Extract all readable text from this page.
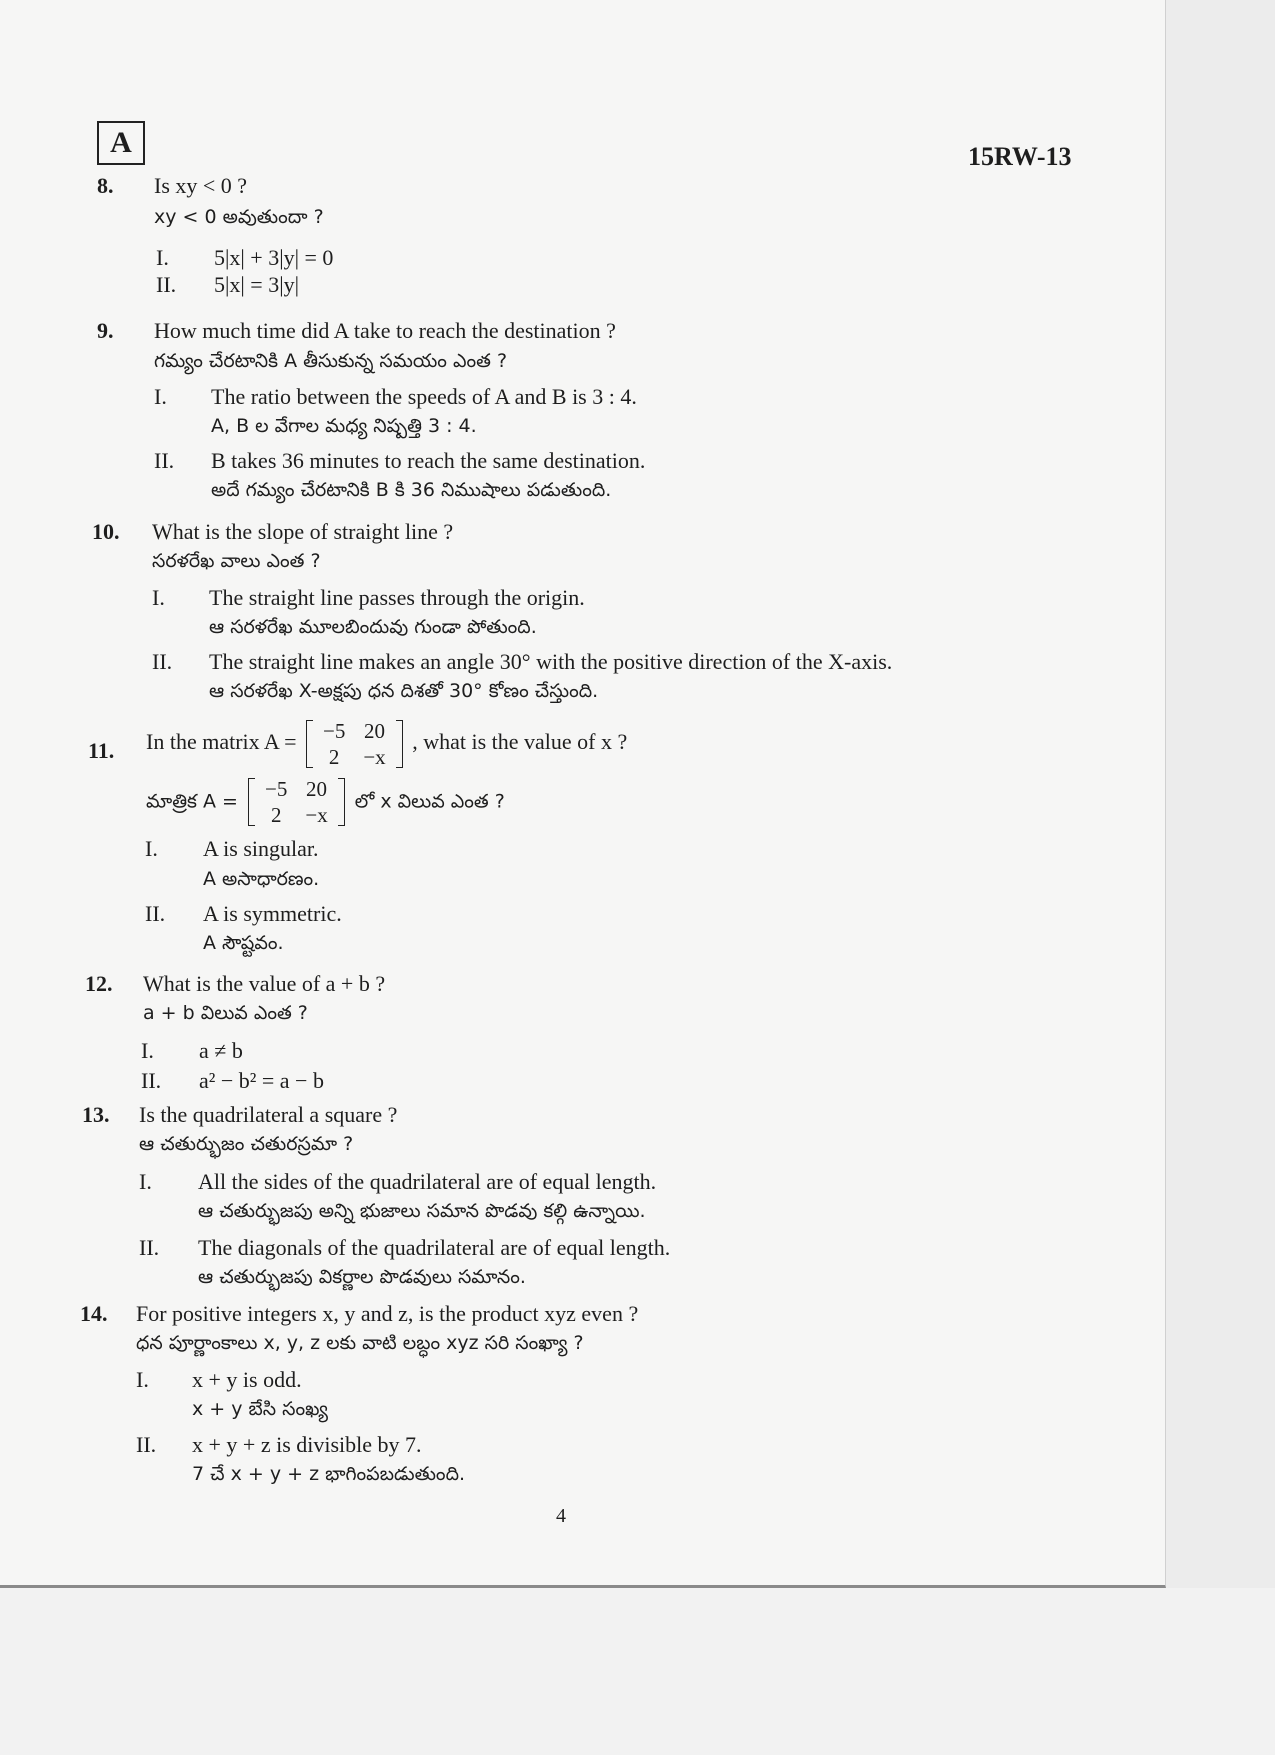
A	15RW-13
8. Is xy < 0 ?
xy < 0 అవుతుందా ?
I. 5|x| + 3|y| = 0
II. 5|x| = 3|y|
9. How much time did A take to reach the destination ?
గమ్యం చేరటానికి A తీసుకున్న సమయం ఎంత ?
I. The ratio between the speeds of A and B is 3 : 4.
A, B ల వేగాల మధ్య నిష్పత్తి 3 : 4.
II. B takes 36 minutes to reach the same destination.
అదే గమ్యం చేరటానికి B కి 36 నిముషాలు పడుతుంది.
10. What is the slope of straight line ?
సరళరేఖ వాలు ఎంత ?
I. The straight line passes through the origin.
ఆ సరళరేఖ మూలబిందువు గుండా పోతుంది.
II. The straight line makes an angle 30° with the positive direction of the X-axis.
ఆ సరళరేఖ X-అక్షపు ధన దిశతో 30° కోణం చేస్తుంది.
11. In the matrix A = −5	20
2	−x
, what is the value of x ?
మాత్రిక A =
−5	20
2	−x
లో x విలువ ఎంత ?
I. A is singular.
A అసాధారణం.
II. A is symmetric.
A సౌష్టవం.
12. What is the value of a + b ?
a + b విలువ ఎంత ?
I. a ≠ b
II. a² − b² = a − b
13. Is the quadrilateral a square ?
ఆ చతుర్భుజం చతురస్రమా ?
I. All the sides of the quadrilateral are of equal length.
ఆ చతుర్భుజపు అన్ని భుజాలు సమాన పొడవు కల్గి ఉన్నాయి.
II. The diagonals of the quadrilateral are of equal length.
ఆ చతుర్భుజపు వికర్ణాల పొడవులు సమానం.
14. For positive integers x, y and z, is the product xyz even ?
ధన పూర్ణాంకాలు x, y, z లకు వాటి లబ్ధం xyz సరి సంఖ్యా ?
I. x + y is odd.
x + y బేసి సంఖ్య
II. x + y + z is divisible by 7.
7 చే x + y + z భాగింపబడుతుంది.
4
